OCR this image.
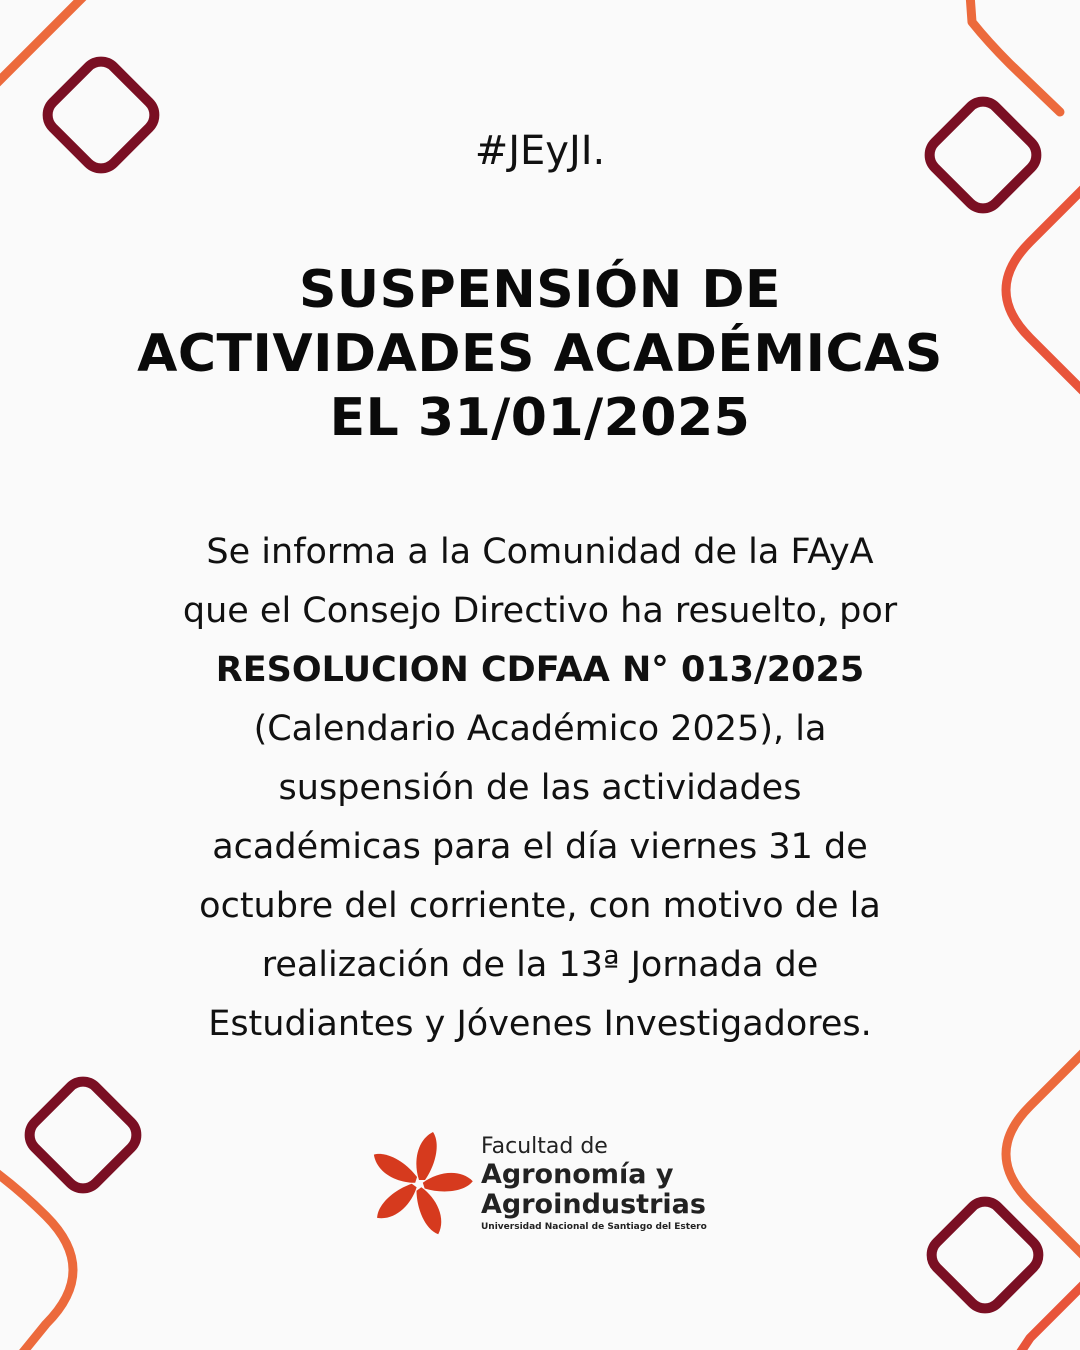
#JEyJI.
SUSPENSIÓN DE
ACTIVIDADES ACADÉMICAS
EL 31/01/2025
Se informa a la Comunidad de la FAyA
que el Consejo Directivo ha resuelto, por
RESOLUCION CDFAA N° 013/2025
(Calendario Académico 2025), la
suspensión de las actividades
académicas para el día viernes 31 de
octubre del corriente, con motivo de la
realización de la 13ª Jornada de
Estudiantes y Jóvenes Investigadores.
Facultad de
Agronomía y
Agroindustrias
Universidad Nacional de Santiago del Estero
